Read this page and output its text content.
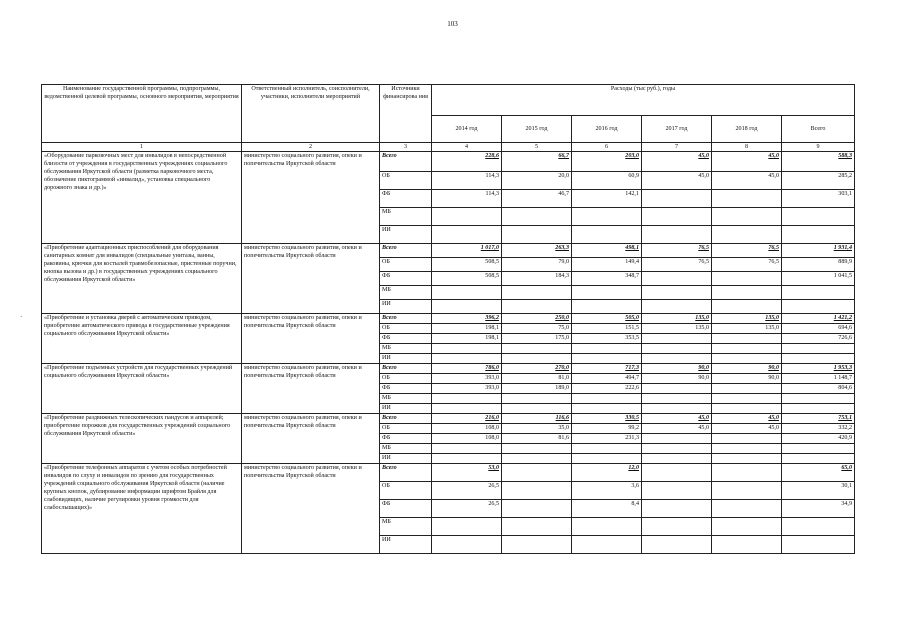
103
·
Наименование государственной программы, подпрограммы, ведомственной целевой программы, основного мероприятия, мероприятия	Ответственный исполнитель, соисполнители, участники, исполнители мероприятий	Источники финансирова ния	Расходы (тыс руб.), годы					
			2014 год	2015 год	2016 год	2017 год	2018 год	Всего
1	2	3	4	5	6	7	8	9
«Оборудование парковочных мест для инвалидов в непосредственной близости от учреждения в государственных учреждениях социального обслуживания Иркутской области (разметка парковочного места, обозначение пиктограммой «инвалид», установка специального дорожного знака и др.)»	министерство социального развития, опеки и попечительства Иркутской области	Всего	228,6	66,7	203,0	45,0	45,0	588,3
		ОБ	114,3	20,0	60,9	45,0	45,0	285,2
		ФБ	114,3	46,7	142,1			303,1
		МБ						
		ИИ						
«Приобретение адаптационных приспособлений для оборудования санитарных комнат для инвалидов (специальные унитазы, ванны, раковины, крючки для костылей травмобезопасные, пристенные поручни, кнопка вызова и др.) в государственных учреждениях социального обслуживания Иркутской области»	министерство социального развития, опеки и попечительства Иркутской области	Всего	1 017,0	263,3	498,1	76,5	76,5	1 931,4
		ОБ	508,5	79,0	149,4	76,5	76,5	889,9
		ФБ	508,5	184,3	348,7			1 041,5
		МБ						
		ИИ						
«Приобретение и установка дверей с автоматическим приводом, приобретение автоматического привода в государственные учреждения социального обслуживания Иркутской области»	министерство социального развития, опеки и попечительства Иркутской области	Всего	396,2	250,0	505,0	135,0	135,0	1 421,2
		ОБ	198,1	75,0	151,5	135,0	135,0	694,6
		ФБ	198,1	175,0	353,5			726,6
		МБ						
		ИИ						
«Приобретение подъемных устройств для государственных учреждений социального обслуживания Иркутской области»	министерство социального развития, опеки и попечительства Иркутской области	Всего	786,0	270,0	717,3	90,0	90,0	1 953,3
		ОБ	393,0	81,0	494,7	90,0	90,0	1 148,7
		ФБ	393,0	189,0	222,6			804,6
		МБ						
		ИИ						
«Приобретение раздвижных телескопических пандусов и аппарелей; приобретение порожков для государственных учреждений социального обслуживания Иркутской области»	министерство социального развития, опеки и попечительства Иркутской области	Всего	216,0	116,6	330,5	45,0	45,0	753,1
		ОБ	108,0	35,0	99,2	45,0	45,0	332,2
		ФБ	108,0	81,6	231,3			420,9
		МБ						
		ИИ						
«Приобретение телефонных аппаратов с учетом особых потребностей инвалидов по слуху и инвалидов по зрению для государственных учреждений социального обслуживания Иркутской области (наличие крупных кнопок, дублирование информации шрифтом Брайля для слабовидящих, наличие регулировки уровня громкости для слабослышащих)»	министерство социального развития, опеки и попечительства Иркутской области	Всего	53,0		12,0			65,0
		ОБ	26,5		3,6			30,1
		ФБ	26,5		8,4			34,9
		МБ						
		ИИ						
